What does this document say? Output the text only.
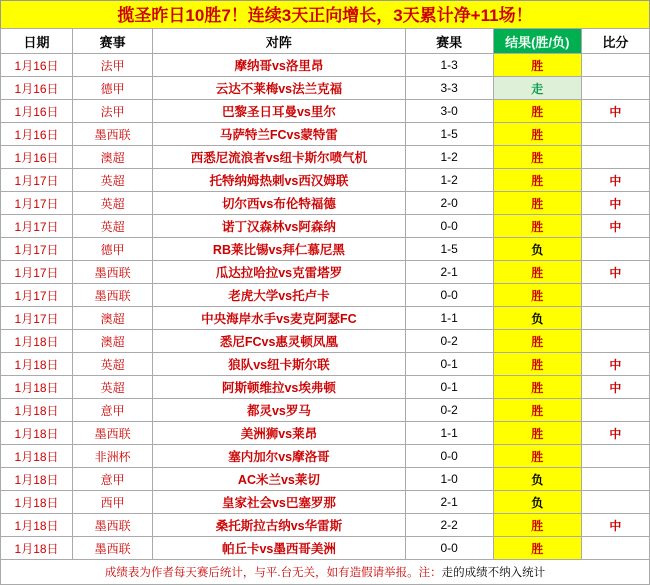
揽圣昨日10胜7！连续3天正向增长，3天累计净+11场！
日期	赛事	对阵	赛果	结果(胜/负)	比分
1月16日	法甲	摩纳哥vs洛里昂	1-3	胜	
1月16日	德甲	云达不莱梅vs法兰克福	3-3	走	
1月16日	法甲	巴黎圣日耳曼vs里尔	3-0	胜	中
1月16日	墨西联	马萨特兰FCvs蒙特雷	1-5	胜	
1月16日	澳超	西悉尼流浪者vs纽卡斯尔喷气机	1-2	胜	
1月17日	英超	托特纳姆热刺vs西汉姆联	1-2	胜	中
1月17日	英超	切尔西vs布伦特福德	2-0	胜	中
1月17日	英超	诺丁汉森林vs阿森纳	0-0	胜	中
1月17日	德甲	RB莱比锡vs拜仁慕尼黑	1-5	负	
1月17日	墨西联	瓜达拉哈拉vs克雷塔罗	2-1	胜	中
1月17日	墨西联	老虎大学vs托卢卡	0-0	胜	
1月17日	澳超	中央海岸水手vs麦克阿瑟FC	1-1	负	
1月18日	澳超	悉尼FCvs惠灵顿凤凰	0-2	胜	
1月18日	英超	狼队vs纽卡斯尔联	0-1	胜	中
1月18日	英超	阿斯顿维拉vs埃弗顿	0-1	胜	中
1月18日	意甲	都灵vs罗马	0-2	胜	
1月18日	墨西联	美洲狮vs莱昂	1-1	胜	中
1月18日	非洲杯	塞内加尔vs摩洛哥	0-0	胜	
1月18日	意甲	AC米兰vs莱切	1-0	负	
1月18日	西甲	皇家社会vs巴塞罗那	2-1	负	
1月18日	墨西联	桑托斯拉古纳vs华雷斯	2-2	胜	中
1月18日	墨西联	帕丘卡vs墨西哥美洲	0-0	胜	
成绩表为作者每天赛后统计，与平.台无关，如有造假请举报。注：走的成绩不纳入统计
